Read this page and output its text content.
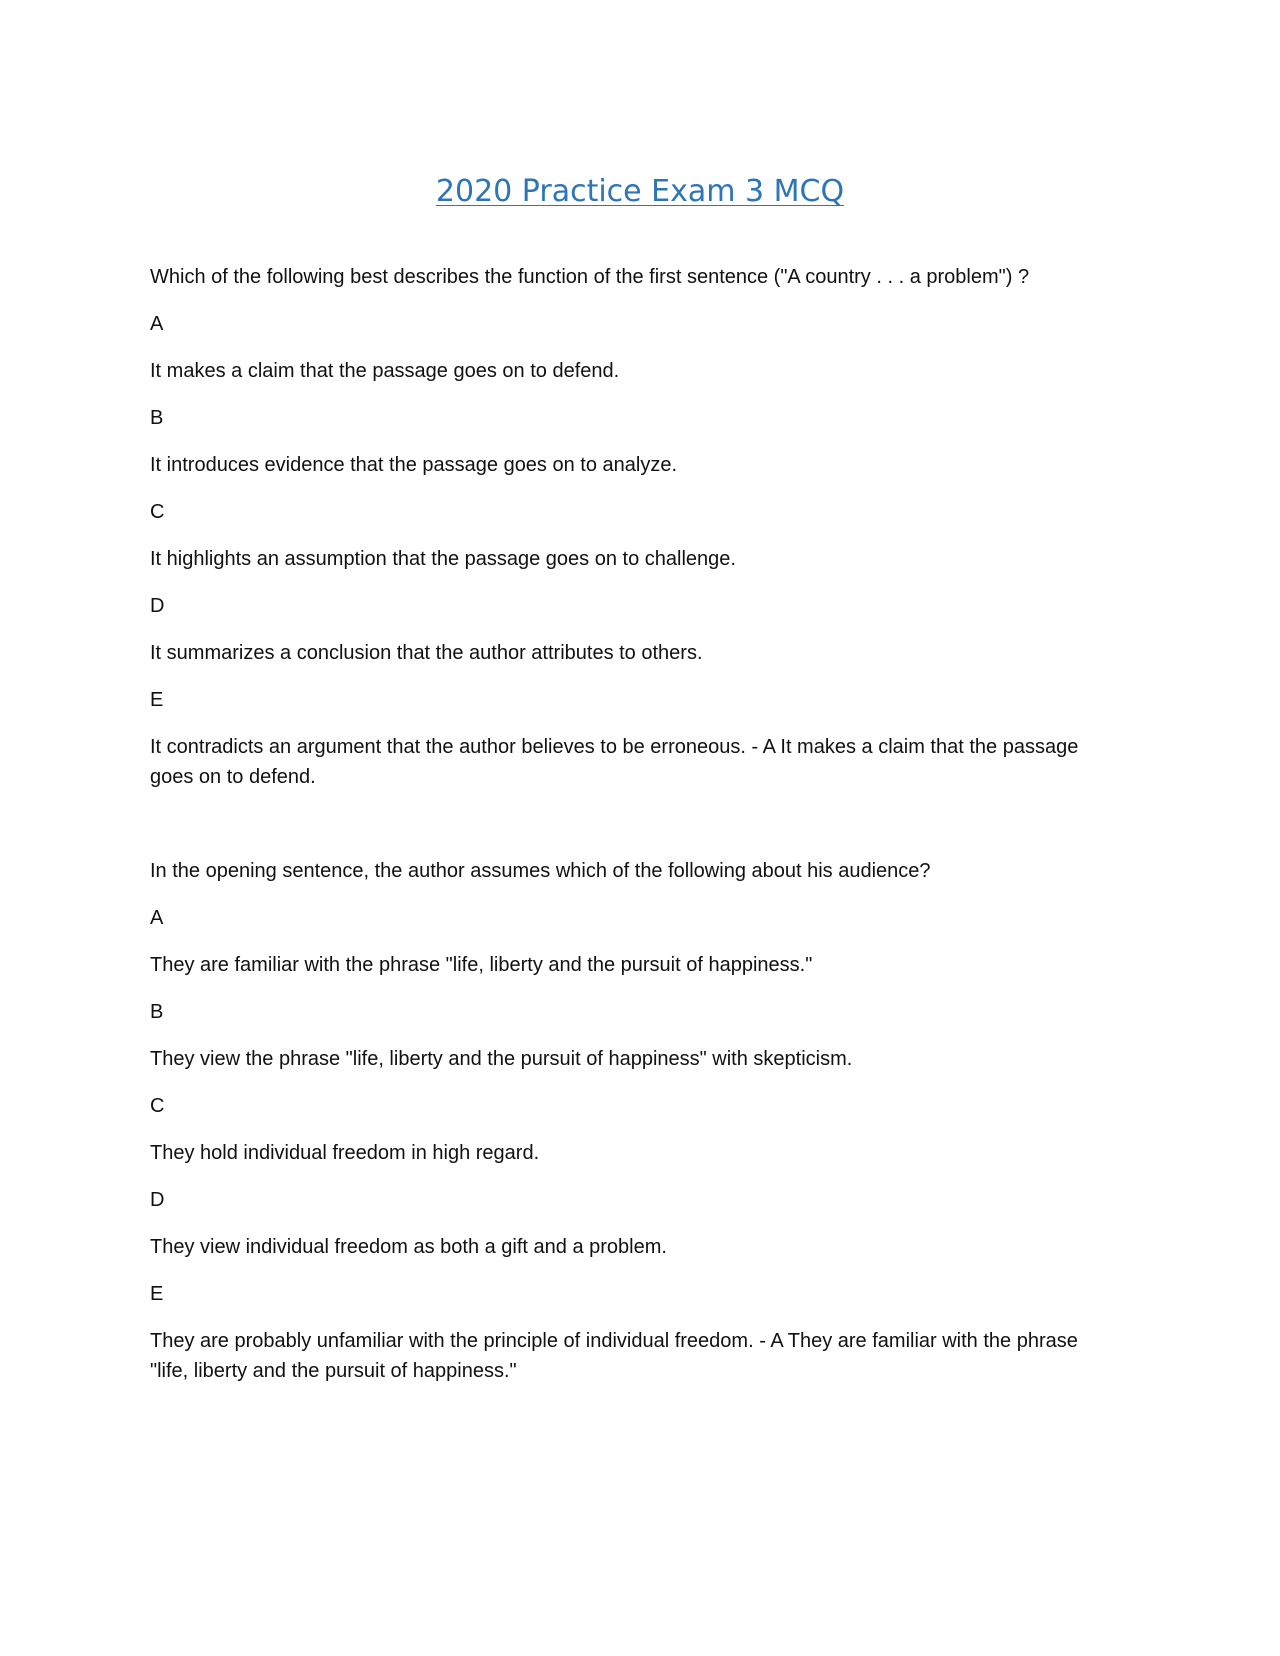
2020 Practice Exam 3 MCQ

Which of the following best describes the function of the first sentence ("A country . . . a problem") ?

A

It makes a claim that the passage goes on to defend.

B

It introduces evidence that the passage goes on to analyze.

C

It highlights an assumption that the passage goes on to challenge.

D

It summarizes a conclusion that the author attributes to others.

E

It contradicts an argument that the author believes to be erroneous. - A It makes a claim that the passage goes on to defend.

In the opening sentence, the author assumes which of the following about his audience?

A

They are familiar with the phrase "life, liberty and the pursuit of happiness."

B

They view the phrase "life, liberty and the pursuit of happiness" with skepticism.

C

They hold individual freedom in high regard.

D

They view individual freedom as both a gift and a problem.

E

They are probably unfamiliar with the principle of individual freedom. - A They are familiar with the phrase "life, liberty and the pursuit of happiness."
